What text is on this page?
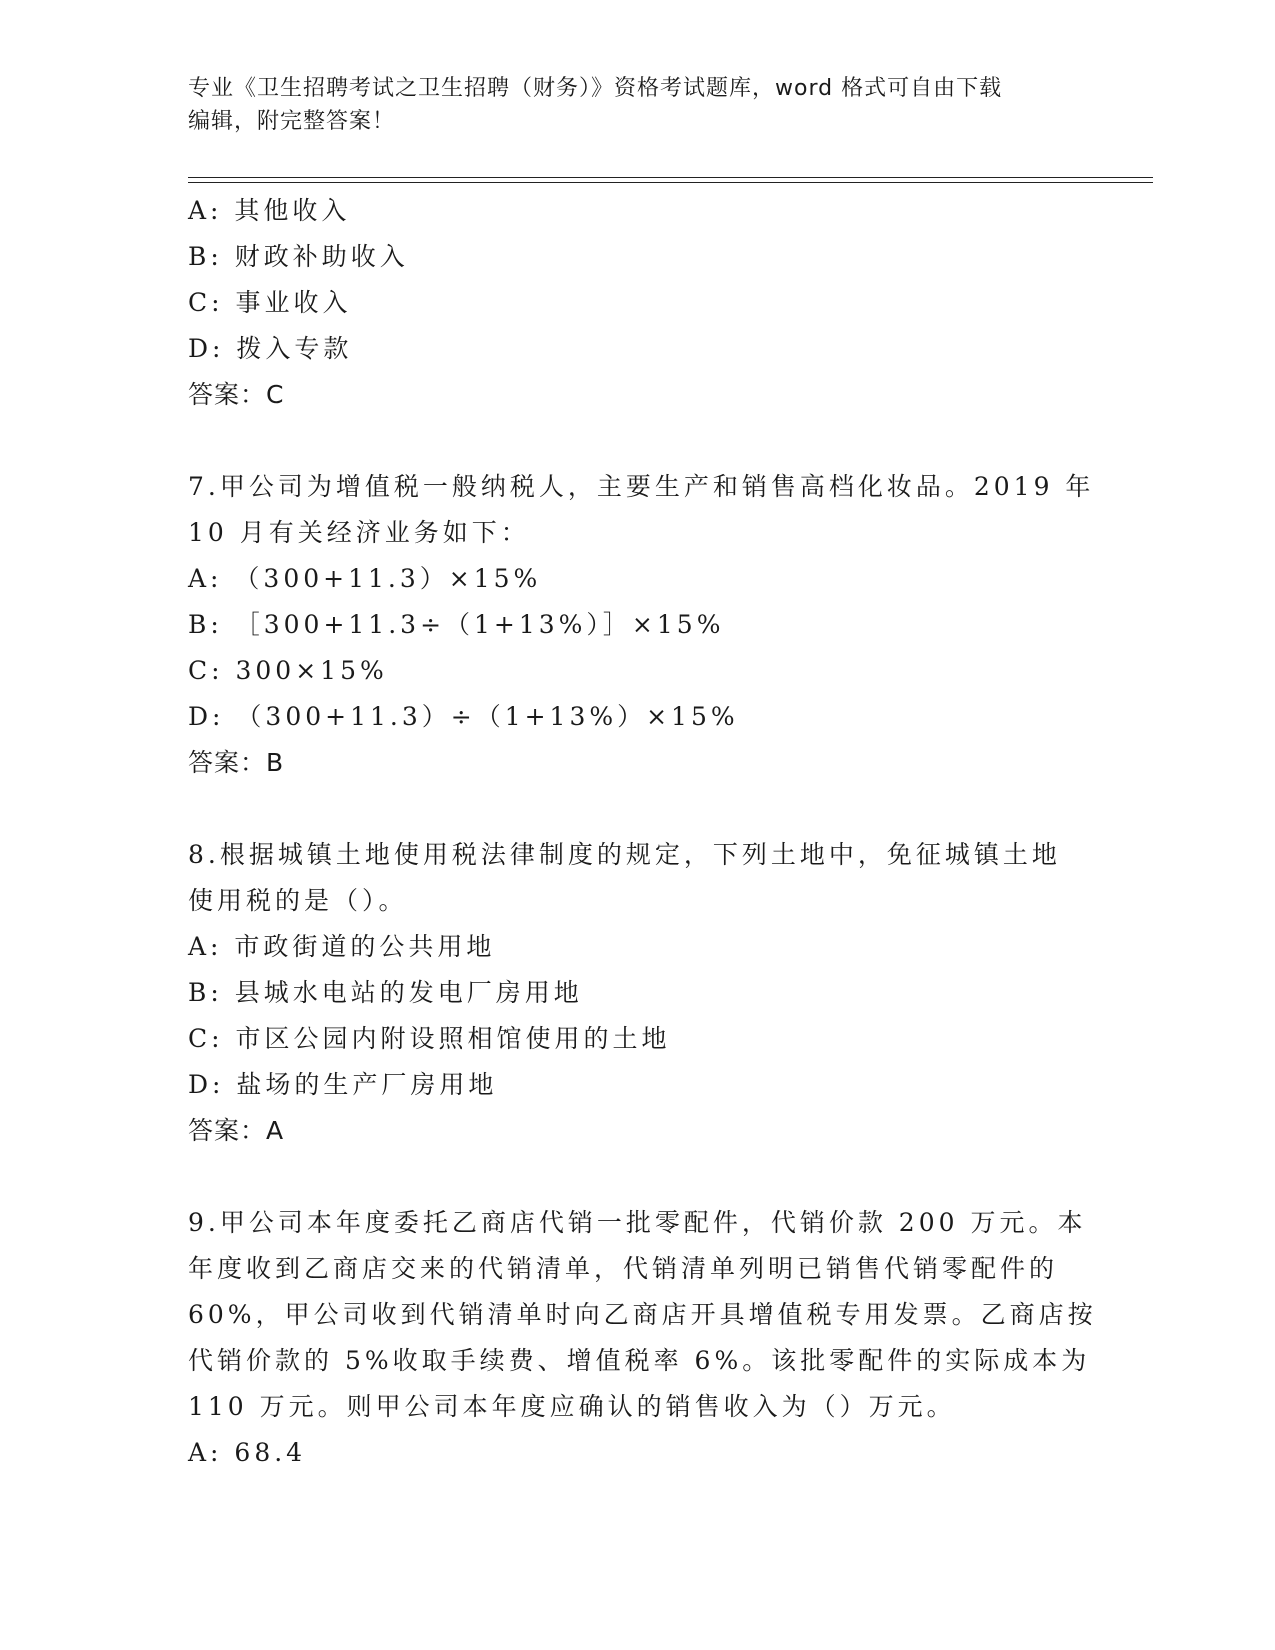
专业《卫生招聘考试之卫生招聘（财务）》资格考试题库，word 格式可自由下载
编辑，附完整答案！
A: 其他收入
B: 财政补助收入
C: 事业收入
D: 拨入专款
答案：C
7.甲公司为增值税一般纳税人，主要生产和销售高档化妆品。2019 年
10 月有关经济业务如下：
A: （300+11.3）×15%
B: ［300+11.3÷（1+13%）］×15%
C: 300×15%
D: （300+11.3）÷（1+13%）×15%
答案：B
8.根据城镇土地使用税法律制度的规定，下列土地中，免征城镇土地
使用税的是（）。
A: 市政街道的公共用地
B: 县城水电站的发电厂房用地
C: 市区公园内附设照相馆使用的土地
D: 盐场的生产厂房用地
答案：A
9.甲公司本年度委托乙商店代销一批零配件，代销价款 200 万元。本
年度收到乙商店交来的代销清单，代销清单列明已销售代销零配件的
60%，甲公司收到代销清单时向乙商店开具增值税专用发票。乙商店按
代销价款的 5%收取手续费、增值税率 6%。该批零配件的实际成本为
110 万元。则甲公司本年度应确认的销售收入为（）万元。
A: 68.4
